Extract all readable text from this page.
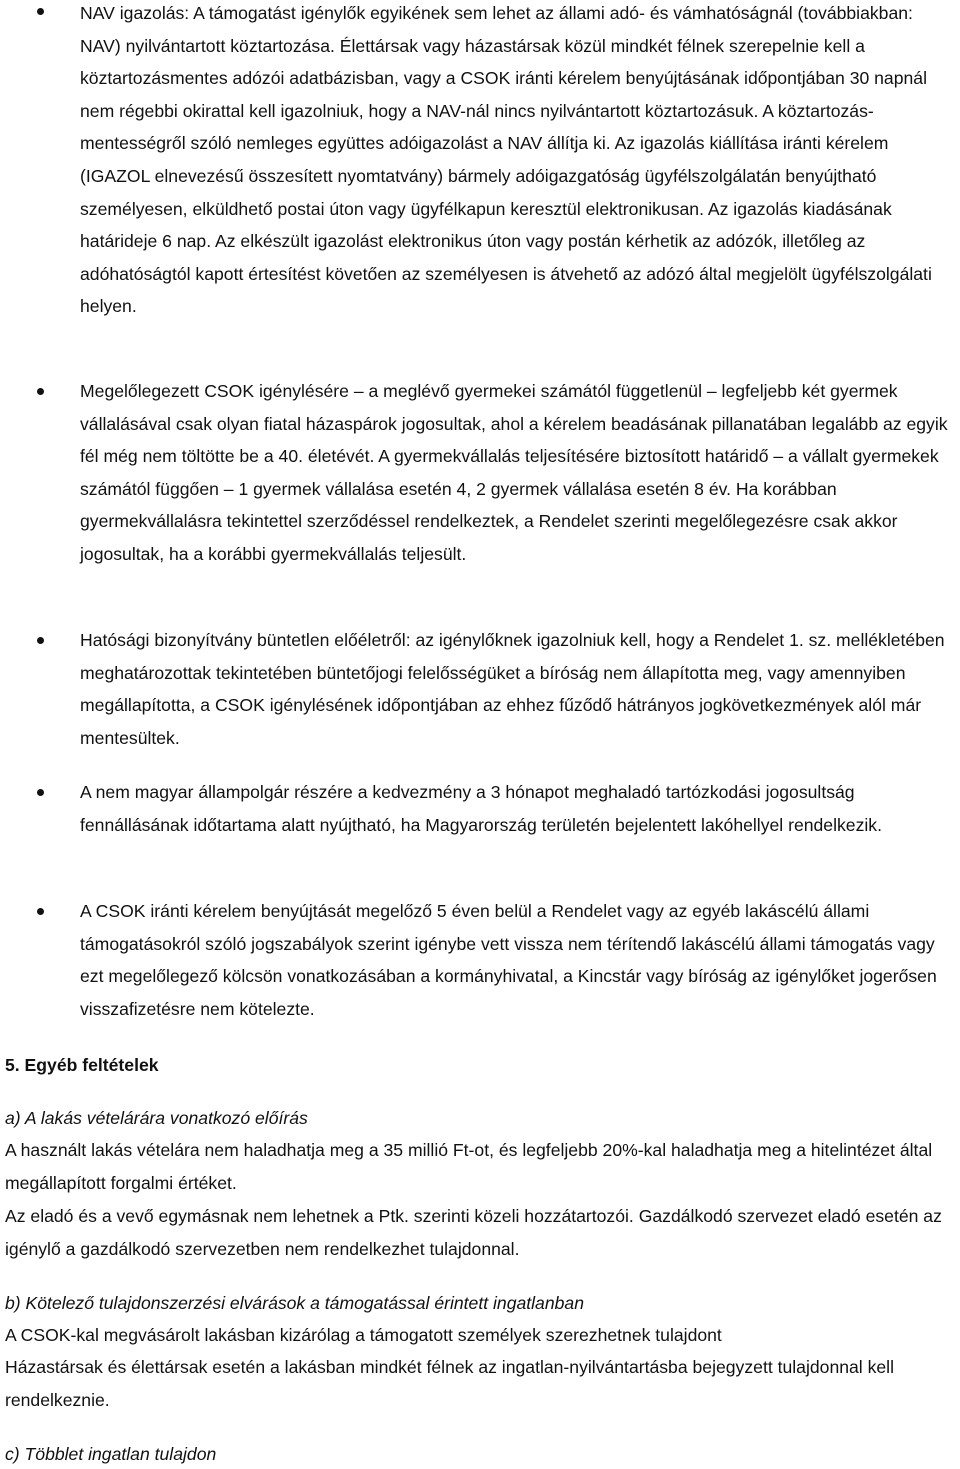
NAV igazolás: A támogatást igénylők egyikének sem lehet az állami adó- és vámhatóságnál (továbbiakban: NAV) nyilvántartott köztartozása. Élettársak vagy házastársak közül mindkét félnek szerepelnie kell a köztartozásmentes adózói adatbázisban, vagy a CSOK iránti kérelem benyújtásának időpontjában 30 napnál nem régebbi okirattal kell igazolniuk, hogy a NAV-nál nincs nyilvántartott köztartozásuk. A köztartozás-mentességről szóló nemleges együttes adóigazolást a NAV állítja ki. Az igazolás kiállítása iránti kérelem (IGAZOL elnevezésű összesített nyomtatvány) bármely adóigazgatóság ügyfélszolgálatán benyújtható személyesen, elküldhető postai úton vagy ügyfélkapun keresztül elektronikusan. Az igazolás kiadásának határideje 6 nap. Az elkészült igazolást elektronikus úton vagy postán kérhetik az adózók, illetőleg az adóhatóságtól kapott értesítést követően az személyesen is átvehető az adózó által megjelölt ügyfélszolgálati helyen.

Megelőlegezett CSOK igénylésére – a meglévő gyermekei számától függetlenül – legfeljebb két gyermek vállalásával csak olyan fiatal házaspárok jogosultak, ahol a kérelem beadásának pillanatában legalább az egyik fél még nem töltötte be a 40. életévét. A gyermekvállalás teljesítésére biztosított határidő – a vállalt gyermekek számától függően – 1 gyermek vállalása esetén 4, 2 gyermek vállalása esetén 8 év. Ha korábban gyermekvállalásra tekintettel szerződéssel rendelkeztek, a Rendelet szerinti megelőlegezésre csak akkor jogosultak, ha a korábbi gyermekvállalás teljesült.

Hatósági bizonyítvány büntetlen előéletről: az igénylőknek igazolniuk kell, hogy a Rendelet 1. sz. mellékletében meghatározottak tekintetében büntetőjogi felelősségüket a bíróság nem állapította meg, vagy amennyiben megállapította, a CSOK igénylésének időpontjában az ehhez fűződő hátrányos jogkövetkezmények alól már mentesültek.

A nem magyar állampolgár részére a kedvezmény a 3 hónapot meghaladó tartózkodási jogosultság fennállásának időtartama alatt nyújtható, ha Magyarország területén bejelentett lakóhellyel rendelkezik.

A CSOK iránti kérelem benyújtását megelőző 5 éven belül a Rendelet vagy az egyéb lakáscélú állami támogatásokról szóló jogszabályok szerint igénybe vett vissza nem térítendő lakáscélú állami támogatás vagy ezt megelőlegező kölcsön vonatkozásában a kormányhivatal, a Kincstár vagy bíróság az igénylőket jogerősen visszafizetésre nem kötelezte.

5. Egyéb feltételek

a) A lakás vételárára vonatkozó előírás

A használt lakás vételára nem haladhatja meg a 35 millió Ft-ot, és legfeljebb 20%-kal haladhatja meg a hitelintézet által megállapított forgalmi értéket.

Az eladó és a vevő egymásnak nem lehetnek a Ptk. szerinti közeli hozzátartozói. Gazdálkodó szervezet eladó esetén az igénylő a gazdálkodó szervezetben nem rendelkezhet tulajdonnal.

b) Kötelező tulajdonszerzési elvárások a támogatással érintett ingatlanban

A CSOK-kal megvásárolt lakásban kizárólag a támogatott személyek szerezhetnek tulajdont

Házastársak és élettársak esetén a lakásban mindkét félnek az ingatlan-nyilvántartásba bejegyzett tulajdonnal kell rendelkeznie.

c) Többlet ingatlan tulajdon
